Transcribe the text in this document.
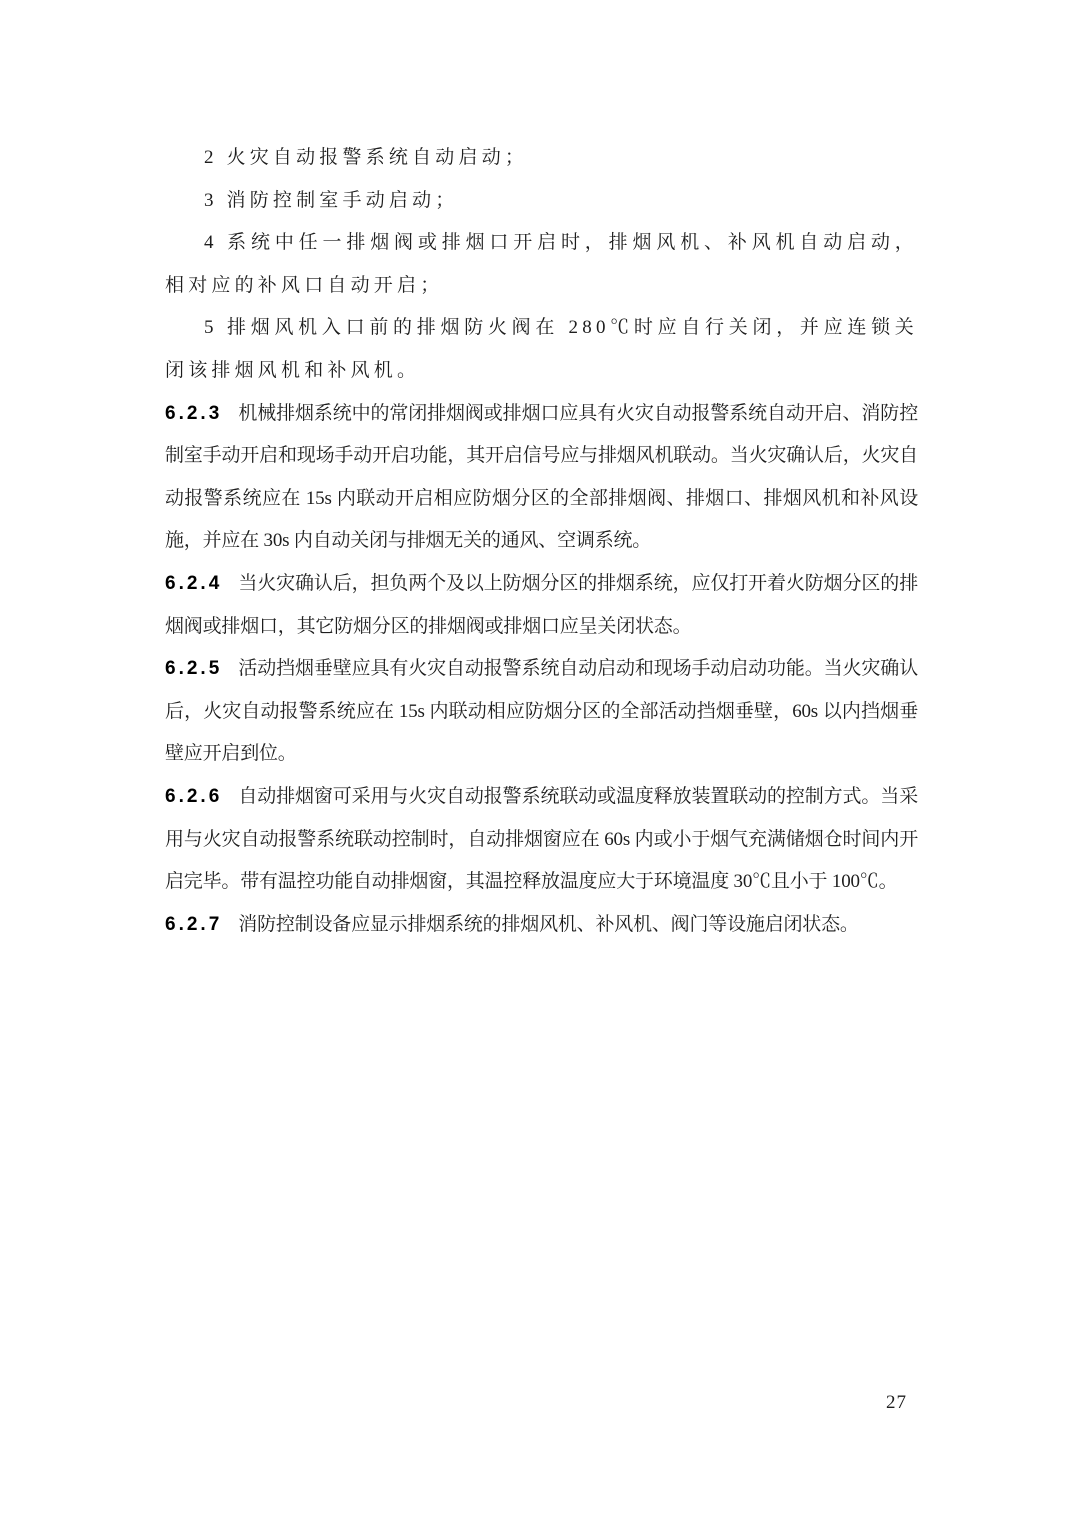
2 火灾自动报警系统自动启动；

3 消防控制室手动启动；

4 系统中任一排烟阀或排烟口开启时，排烟风机、补风机自动启动，相对应的补风口自动开启；

5 排烟风机入口前的排烟防火阀在 280℃时应自行关闭，并应连锁关闭该排烟风机和补风机。

6.2.3 机械排烟系统中的常闭排烟阀或排烟口应具有火灾自动报警系统自动开启、消防控制室手动开启和现场手动开启功能，其开启信号应与排烟风机联动。当火灾确认后，火灾自动报警系统应在 15s 内联动开启相应防烟分区的全部排烟阀、排烟口、排烟风机和补风设施，并应在 30s 内自动关闭与排烟无关的通风、空调系统。

6.2.4 当火灾确认后，担负两个及以上防烟分区的排烟系统，应仅打开着火防烟分区的排烟阀或排烟口，其它防烟分区的排烟阀或排烟口应呈关闭状态。

6.2.5 活动挡烟垂壁应具有火灾自动报警系统自动启动和现场手动启动功能。当火灾确认后，火灾自动报警系统应在 15s 内联动相应防烟分区的全部活动挡烟垂壁，60s 以内挡烟垂壁应开启到位。

6.2.6 自动排烟窗可采用与火灾自动报警系统联动或温度释放装置联动的控制方式。当采用与火灾自动报警系统联动控制时，自动排烟窗应在 60s 内或小于烟气充满储烟仓时间内开启完毕。带有温控功能自动排烟窗，其温控释放温度应大于环境温度 30℃且小于 100℃。

6.2.7 消防控制设备应显示排烟系统的排烟风机、补风机、阀门等设施启闭状态。

27
